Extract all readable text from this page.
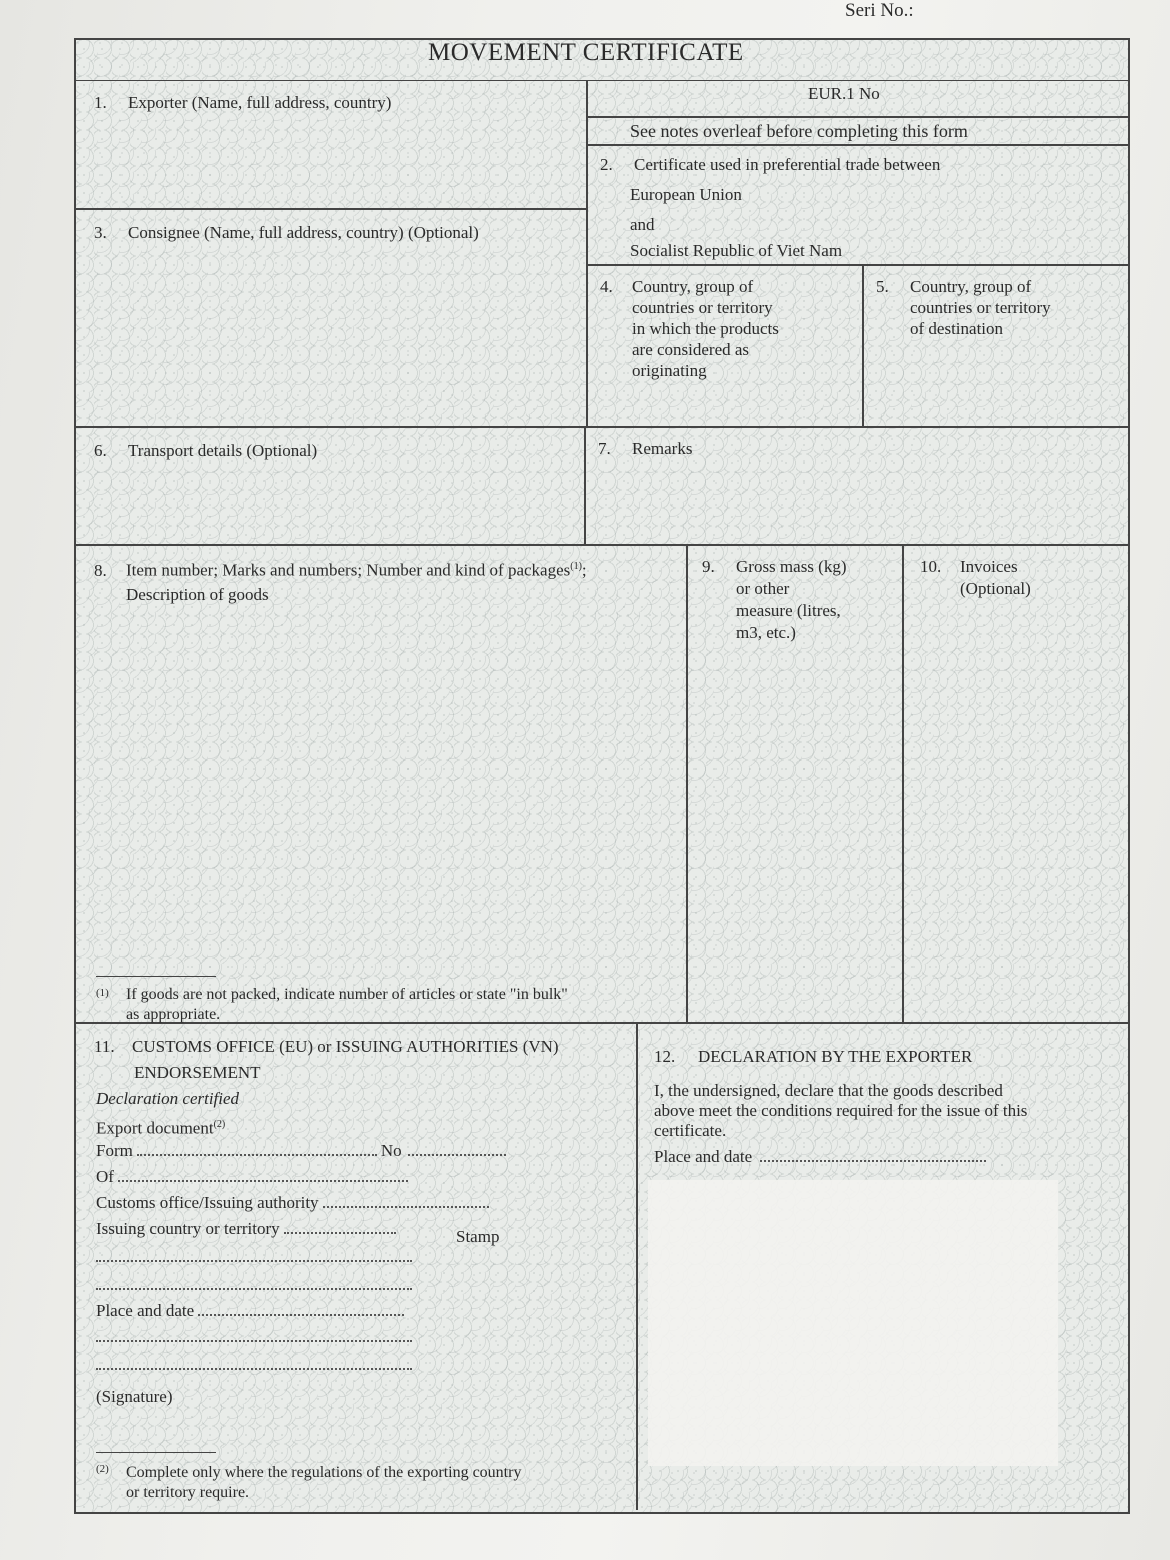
Seri No.:
MOVEMENT CERTIFICATE
1. Exporter (Name, full address, country)	EUR.1 No
See notes overleaf before completing this form
2. Certificate used in preferential trade between
European Union
and
Socialist Republic of Viet Nam
3. Consignee (Name, full address, country) (Optional)
4. Country, group of
countries or territory
in which the products
are considered as
originating
5. Country, group of
countries or territory
of destination
6. Transport details (Optional)	7. Remarks
8. Item number; Marks and numbers; Number and kind of packages$^{(1)}$;
Description of goods
(1) If goods are not packed, indicate number of articles or state "in bulk"
as appropriate.
9. Gross mass (kg)
or other
measure (litres,
m3, etc.)
10. Invoices
(Optional)
11. CUSTOMS OFFICE (EU) or ISSUING AUTHORITIES (VN)
ENDORSEMENT
Declaration certified
Export document$^{(2)}$
Form	No
Of
Customs office/Issuing authority
Issuing country or territory	Stamp
Place and date
(Signature)
(2) Complete only where the regulations of the exporting country
or territory require.
12. DECLARATION BY THE EXPORTER
I, the undersigned, declare that the goods described
above meet the conditions required for the issue of this
certificate.
Place and date
